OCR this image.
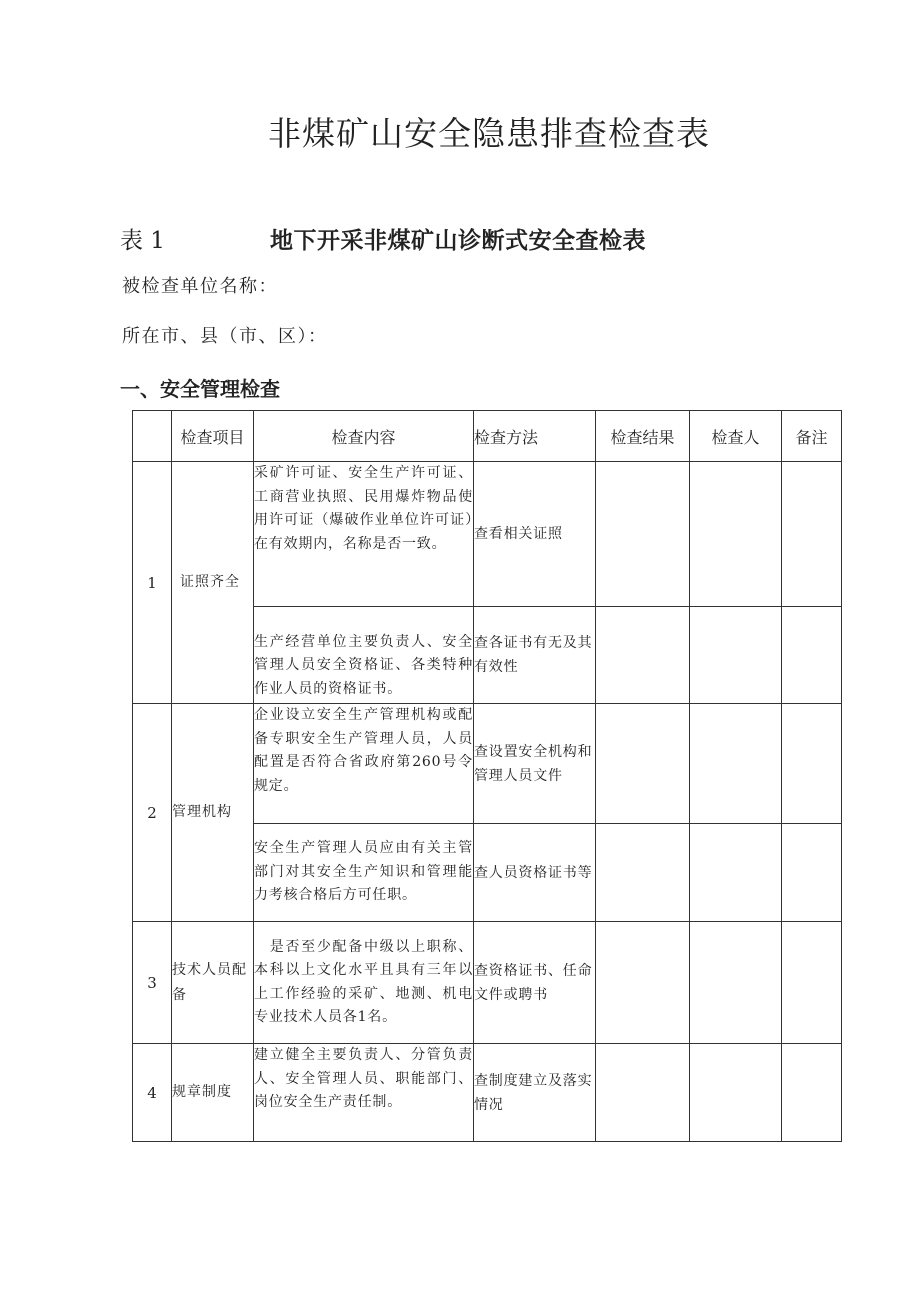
非煤矿山安全隐患排查检查表
表 1	地下开采非煤矿山诊断式安全查检表
被检查单位名称：
所在市、县（市、区）：
一、安全管理检查
	检查项目	检查内容	检查方法	检查结果	检查人	备注
1	证照齐全	采矿许可证、安全生产许可证、工商营业执照、民用爆炸物品使用许可证（爆破作业单位许可证）在有效期内，名称是否一致。	查看相关证照			
		生产经营单位主要负责人、安全管理人员安全资格证、各类特种作业人员的资格证书。	查各证书有无及其有效性			
2	管理机构	企业设立安全生产管理机构或配备专职安全生产管理人员，人员配置是否符合省政府第260号令规定。	查设置安全机构和管理人员文件			
		安全生产管理人员应由有关主管部门对其安全生产知识和管理能力考核合格后方可任职。	查人员资格证书等			
3	技术人员配备	　是否至少配备中级以上职称、本科以上文化水平且具有三年以上工作经验的采矿、地测、机电专业技术人员各1名。	查资格证书、任命文件或聘书			
4	规章制度	建立健全主要负责人、分管负责人、安全管理人员、职能部门、岗位安全生产责任制。	查制度建立及落实情况			
